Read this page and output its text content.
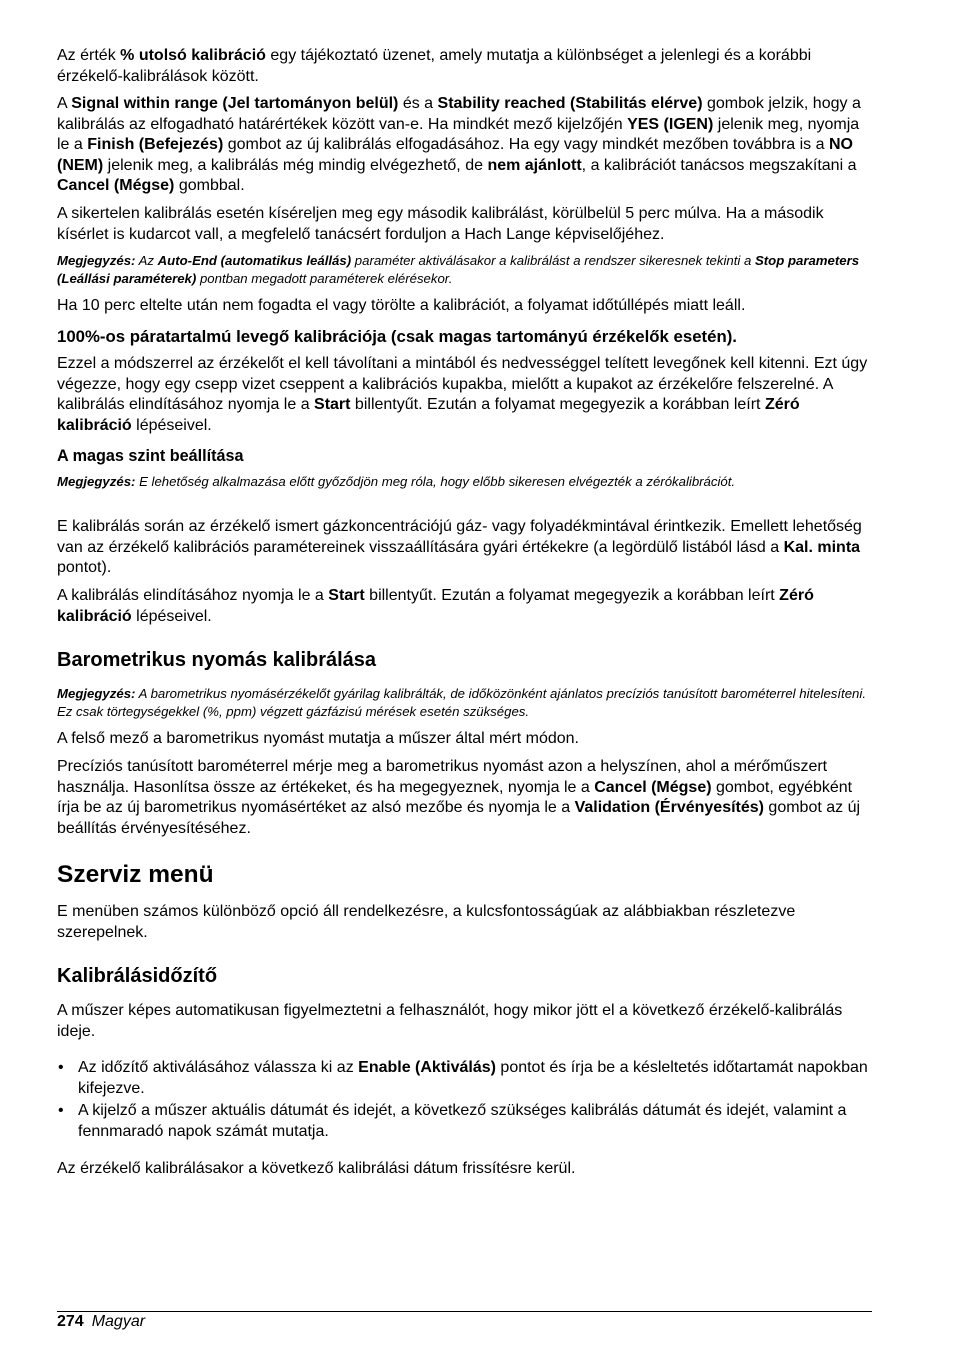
Az érték % utolsó kalibráció egy tájékoztató üzenet, amely mutatja a különbséget a jelenlegi és a korábbi érzékelő-kalibrálások között.

A Signal within range (Jel tartományon belül) és a Stability reached (Stabilitás elérve) gombok jelzik, hogy a kalibrálás az elfogadható határértékek között van-e. Ha mindkét mező kijelzőjén YES (IGEN) jelenik meg, nyomja le a Finish (Befejezés) gombot az új kalibrálás elfogadásához. Ha egy vagy mindkét mezőben továbbra is a NO (NEM) jelenik meg, a kalibrálás még mindig elvégezhető, de nem ajánlott, a kalibrációt tanácsos megszakítani a Cancel (Mégse) gombbal.

A sikertelen kalibrálás esetén kíséreljen meg egy második kalibrálást, körülbelül 5 perc múlva. Ha a második kísérlet is kudarcot vall, a megfelelő tanácsért forduljon a Hach Lange képviselőjéhez.

Megjegyzés: Az Auto-End (automatikus leállás) paraméter aktiválásakor a kalibrálást a rendszer sikeresnek tekinti a Stop parameters (Leállási paraméterek) pontban megadott paraméterek elérésekor.

Ha 10 perc eltelte után nem fogadta el vagy törölte a kalibrációt, a folyamat időtúllépés miatt leáll.

100%-os páratartalmú levegő kalibrációja (csak magas tartományú érzékelők esetén).

Ezzel a módszerrel az érzékelőt el kell távolítani a mintából és nedvességgel telített levegőnek kell kitenni. Ezt úgy végezze, hogy egy csepp vizet cseppent a kalibrációs kupakba, mielőtt a kupakot az érzékelőre felszerelné. A kalibrálás elindításához nyomja le a Start billentyűt. Ezután a folyamat megegyezik a korábban leírt Zéró kalibráció lépéseivel.

A magas szint beállítása

Megjegyzés: E lehetőség alkalmazása előtt győződjön meg róla, hogy előbb sikeresen elvégezték a zérókalibrációt.

E kalibrálás során az érzékelő ismert gázkoncentrációjú gáz- vagy folyadékmintával érintkezik. Emellett lehetőség van az érzékelő kalibrációs paramétereinek visszaállítására gyári értékekre (a legördülő listából lásd a Kal. minta pontot).

A kalibrálás elindításához nyomja le a Start billentyűt. Ezután a folyamat megegyezik a korábban leírt Zéró kalibráció lépéseivel.

Barometrikus nyomás kalibrálása

Megjegyzés: A barometrikus nyomásérzékelőt gyárilag kalibrálták, de időközönként ajánlatos precíziós tanúsított barométerrel hitelesíteni. Ez csak törtegységekkel (%, ppm) végzett gázfázisú mérések esetén szükséges.

A felső mező a barometrikus nyomást mutatja a műszer által mért módon.

Precíziós tanúsított barométerrel mérje meg a barometrikus nyomást azon a helyszínen, ahol a mérőműszert használja. Hasonlítsa össze az értékeket, és ha megegyeznek, nyomja le a Cancel (Mégse) gombot, egyébként írja be az új barometrikus nyomásértéket az alsó mezőbe és nyomja le a Validation (Érvényesítés) gombot az új beállítás érvényesítéséhez.

Szerviz menü

E menüben számos különböző opció áll rendelkezésre, a kulcsfontosságúak az alábbiakban részletezve szerepelnek.

Kalibrálásidőzítő

A műszer képes automatikusan figyelmeztetni a felhasználót, hogy mikor jött el a következő érzékelő-kalibrálás ideje.

• Az időzítő aktiválásához válassza ki az Enable (Aktiválás) pontot és írja be a késleltetés időtartamát napokban kifejezve.
• A kijelző a műszer aktuális dátumát és idejét, a következő szükséges kalibrálás dátumát és idejét, valamint a fennmaradó napok számát mutatja.

Az érzékelő kalibrálásakor a következő kalibrálási dátum frissítésre kerül.

274 Magyar
